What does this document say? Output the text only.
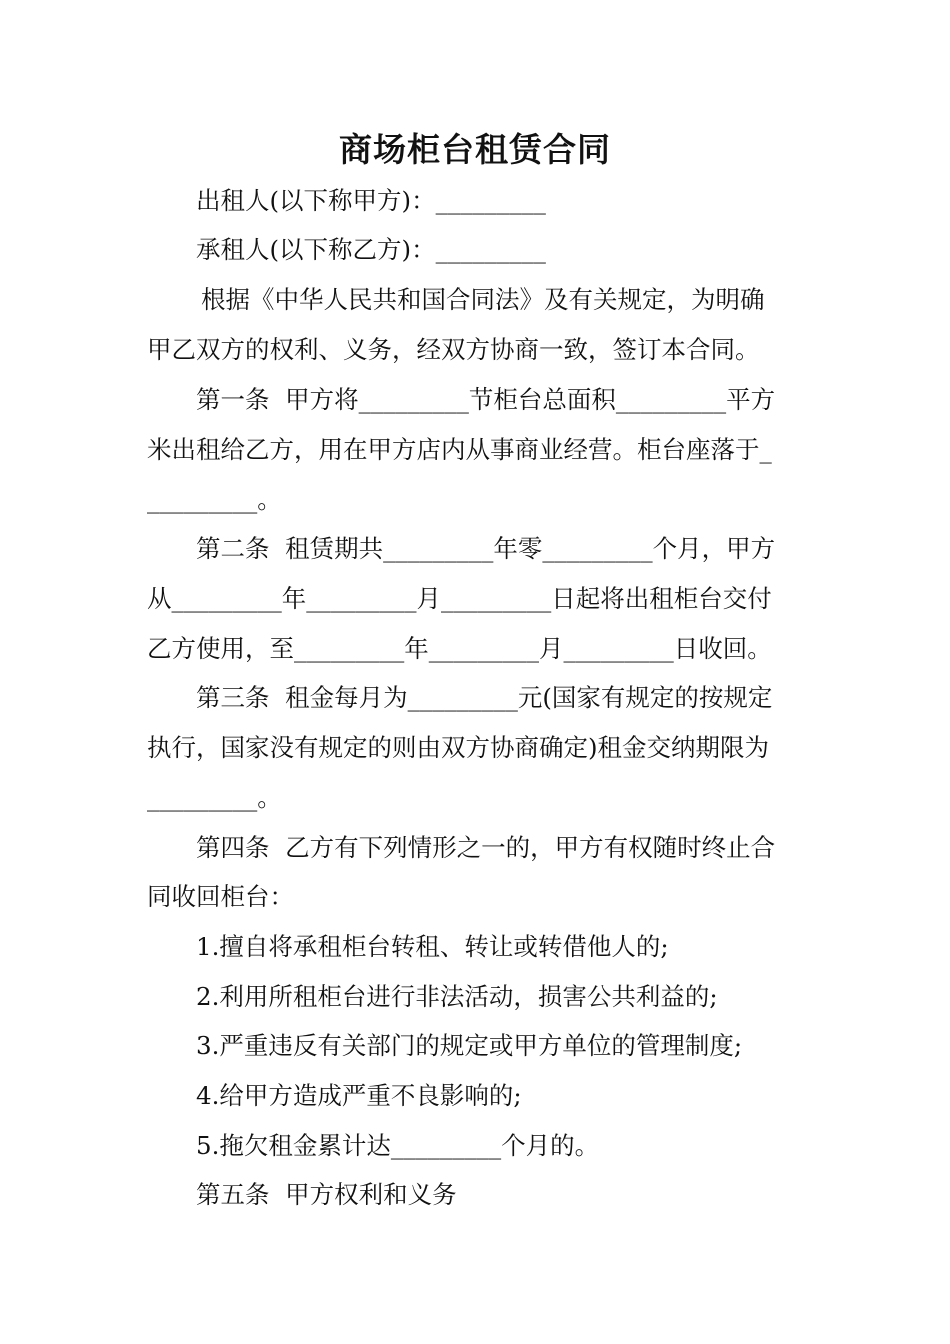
商场柜台租赁合同
出租人(以下称甲方)：_________
承租人(以下称乙方)：_________
根据《中华人民共和国合同法》及有关规定，为明确
甲乙双方的权利、义务，经双方协商一致，签订本合同。
第一条  甲方将_________节柜台总面积_________平方
米出租给乙方，用在甲方店内从事商业经营。柜台座落于_
_________。
第二条  租赁期共_________年零_________个月，甲方
从_________年_________月_________日起将出租柜台交付
乙方使用，至_________年_________月_________日收回。
第三条  租金每月为_________元(国家有规定的按规定
执行，国家没有规定的则由双方协商确定)租金交纳期限为
_________。
第四条  乙方有下列情形之一的，甲方有权随时终止合
同收回柜台：
1.擅自将承租柜台转租、转让或转借他人的;
2.利用所租柜台进行非法活动，损害公共利益的;
3.严重违反有关部门的规定或甲方单位的管理制度;
4.给甲方造成严重不良影响的;
5.拖欠租金累计达_________个月的。
第五条  甲方权利和义务
